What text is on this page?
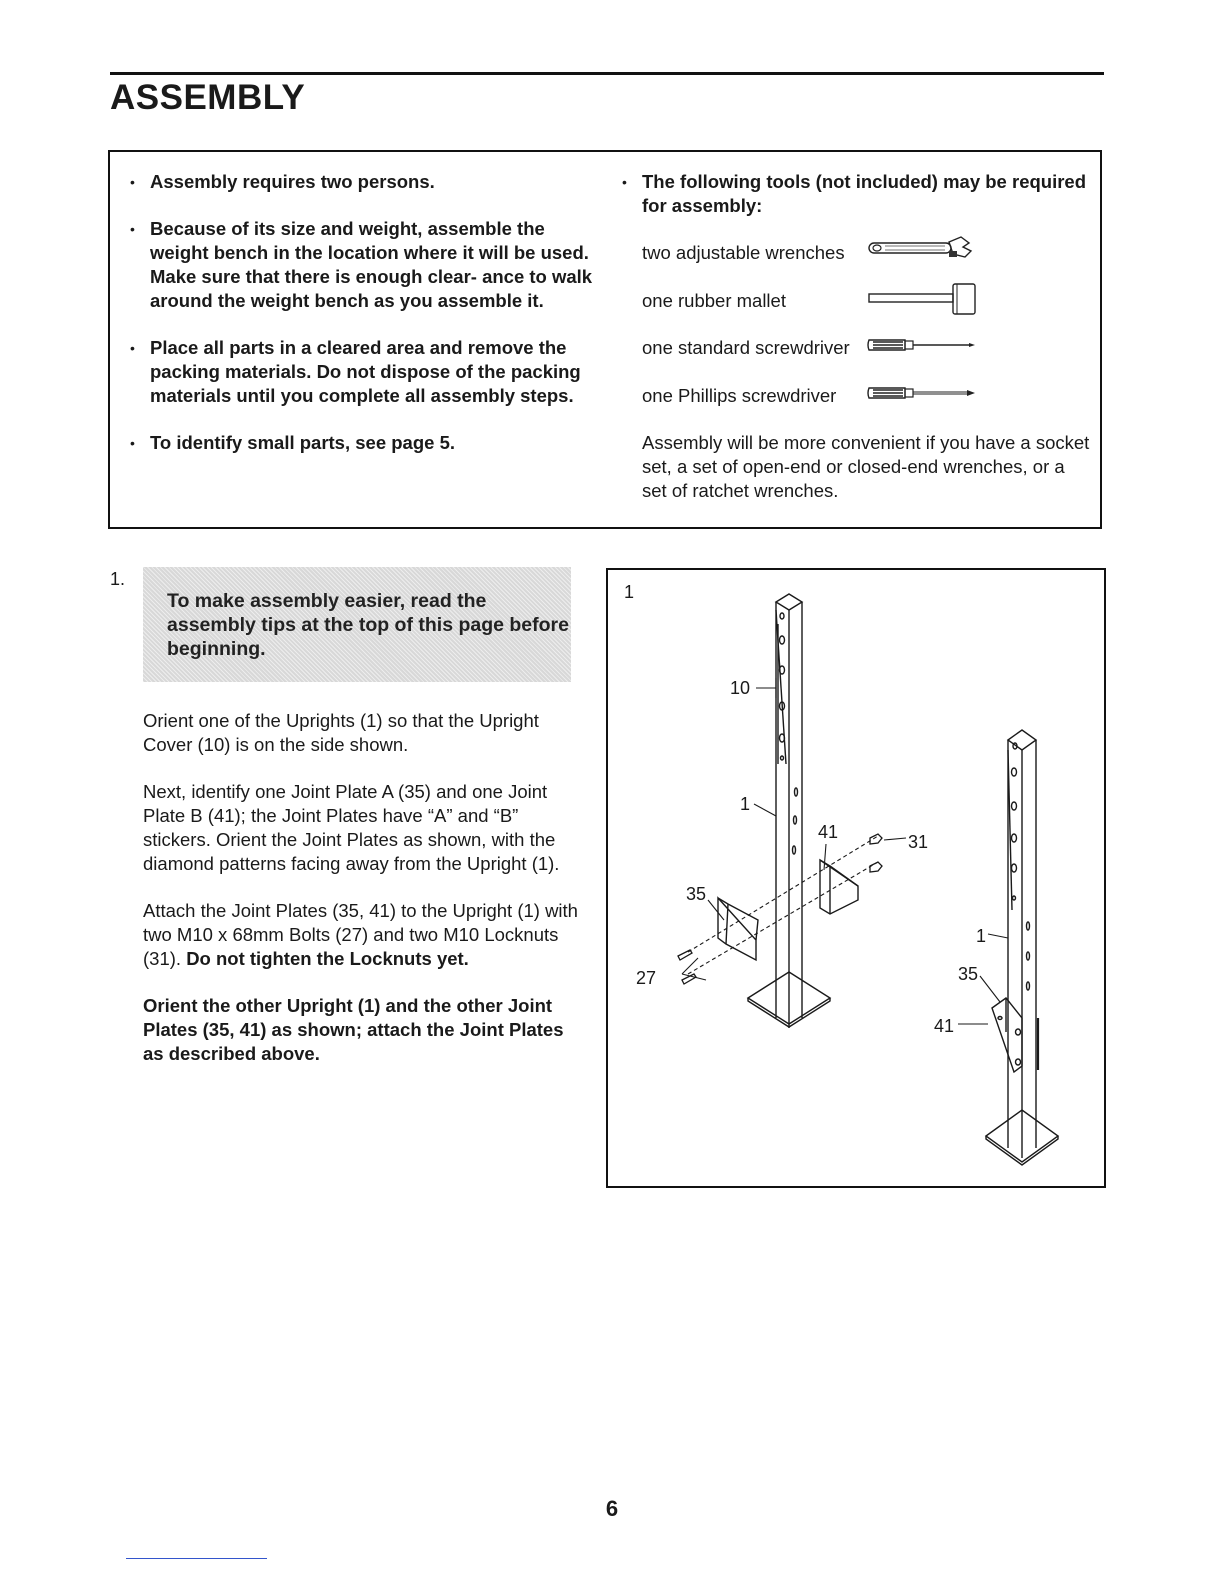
ASSEMBLY
• Assembly requires two persons.
• Because of its size and weight, assemble the weight bench in the location where it will be used. Make sure that there is enough clear- ance to walk around the weight bench as you assemble it.
• Place all parts in a cleared area and remove the packing materials. Do not dispose of the packing materials until you complete all assembly steps.
• To identify small parts, see page 5.
• The following tools (not included) may be required for assembly:
two adjustable wrenches
one rubber mallet
one standard screwdriver
one Phillips screwdriver
Assembly will be more convenient if you have a socket set, a set of open-end or closed-end wrenches, or a set of ratchet wrenches.
1.
To make assembly easier, read the assembly tips at the top of this page before beginning.

Orient one of the Uprights (1) so that the Upright Cover (10) is on the side shown.

Next, identify one Joint Plate A (35) and one Joint Plate B (41); the Joint Plates have “A” and “B” stickers. Orient the Joint Plates as shown, with the diamond patterns facing away from the Upright (1).

Attach the Joint Plates (35, 41) to the Upright (1) with two M10 x 68mm Bolts (27) and two M10 Locknuts (31). Do not tighten the Locknuts yet.

Orient the other Upright (1) and the other Joint Plates (35, 41) as shown; attach the Joint Plates as described above.

1
10
1
41	31
35
27
1
35
41
6
